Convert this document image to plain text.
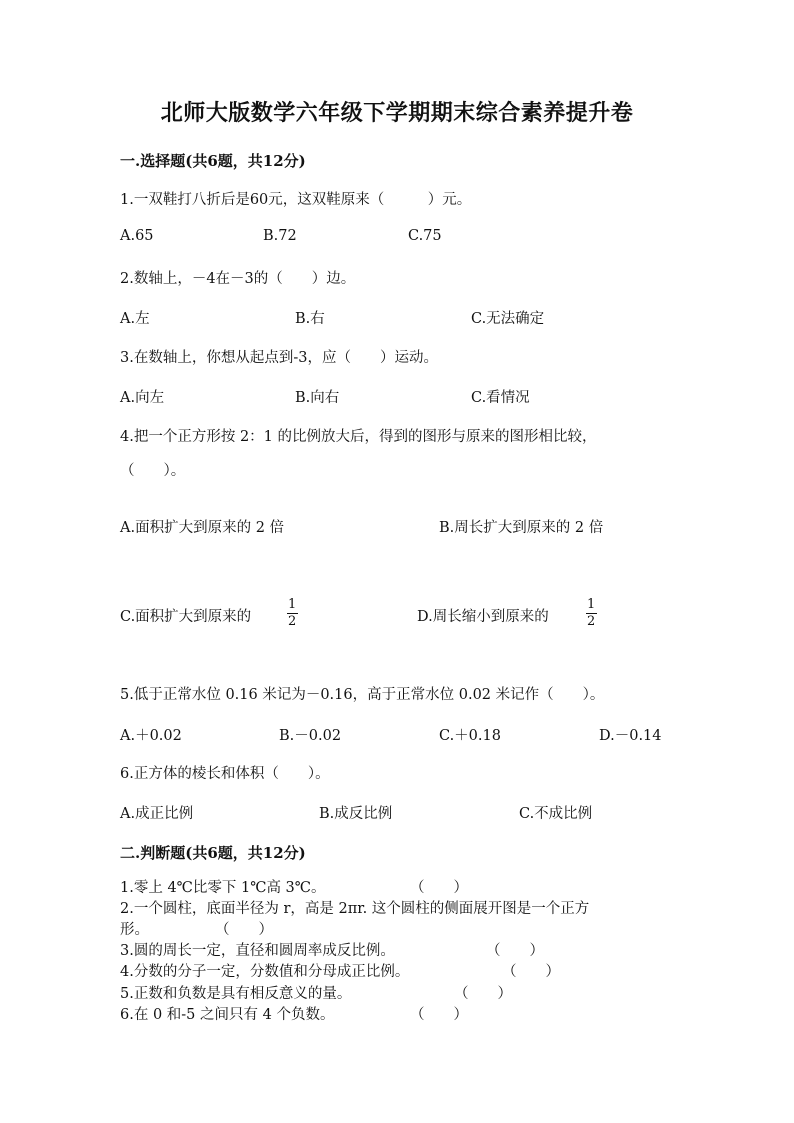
北师大版数学六年级下学期期末综合素养提升卷
一.选择题(共6题，共12分)
1.一双鞋打八折后是60元，这双鞋原来（　　　）元。
A.65	B.72	C.75
2.数轴上，－4在－3的（　　）边。
A.左	B.右	C.无法确定
3.在数轴上，你想从起点到-3，应（　　）运动。
A.向左	B.向右	C.看情况
4.把一个正方形按 2：1 的比例放大后，得到的图形与原来的图形相比较，
（　　）。
A.面积扩大到原来的 2 倍	B.周长扩大到原来的 2 倍
C.面积扩大到原来的	$\frac{1}{2}$	D.周长缩小到原来的	$\frac{1}{2}$
5.低于正常水位 0.16 米记为－0.16，高于正常水位 0.02 米记作（　　）。
A.＋0.02	B.－0.02	C.＋0.18	D.－0.14
6.正方体的棱长和体积（　　）。
A.成正比例	B.成反比例	C.不成比例
二.判断题(共6题，共12分)
1.零上 4℃比零下 1℃高 3℃。	（　　）
2.一个圆柱，底面半径为 r，高是 2πr. 这个圆柱的侧面展开图是一个正方
形。	（　　）
3.圆的周长一定，直径和圆周率成反比例。	（　　）
4.分数的分子一定，分数值和分母成正比例。	（　　）
5.正数和负数是具有相反意义的量。	（　　）
6.在 0 和-5 之间只有 4 个负数。	（　　）
